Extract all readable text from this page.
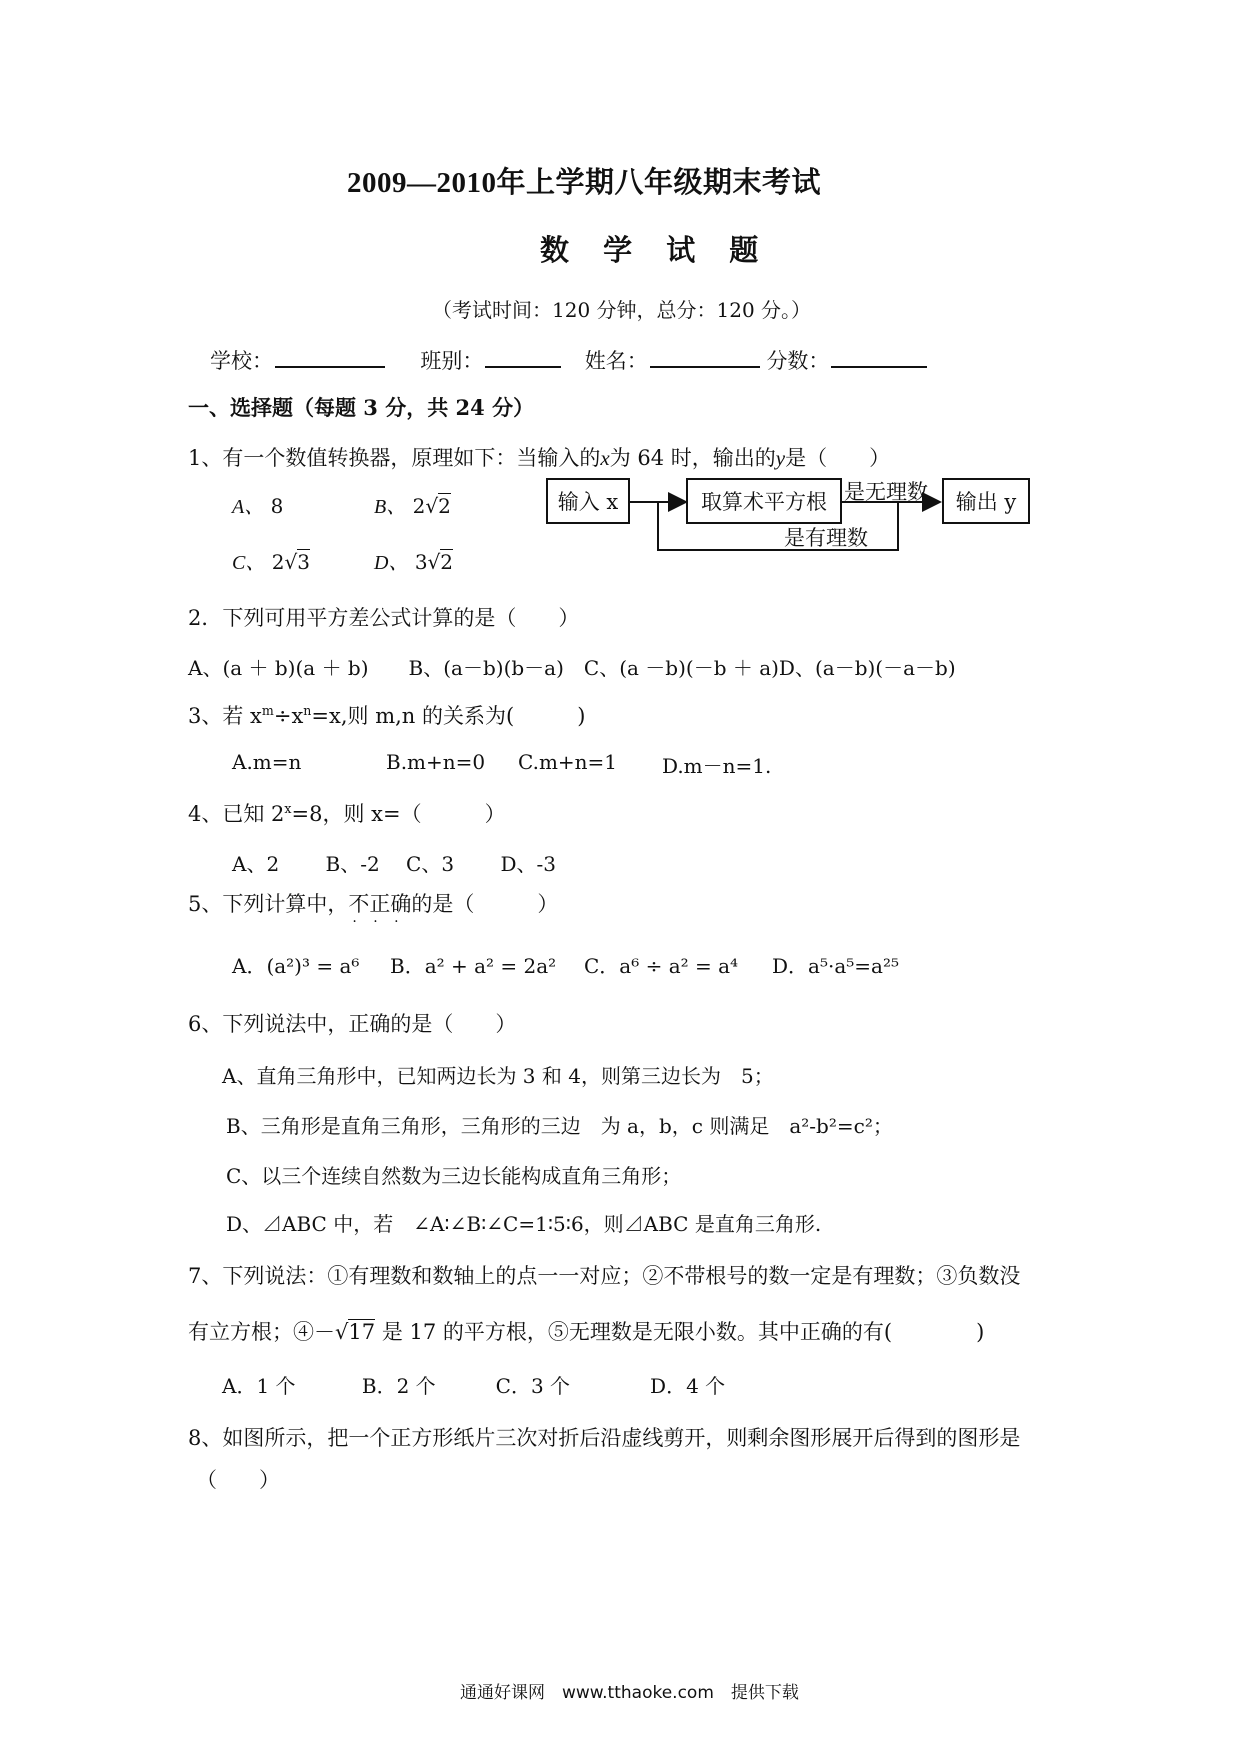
2009—2010年上学期八年级期末考试
数 学 试 题
（考试时间：120 分钟，总分：120 分。）
学校：	班别：	姓名：	分数：
一、选择题（每题 3 分，共 24 分）
1、有一个数值转换器，原理如下：当输入的x为 64 时，输出的y是（　　）
A、 8	B、 2√2
C、 2√3	D、 3√2
输入 x	取算术平方根 是无理数 输出 y
是有理数
2．下列可用平方差公式计算的是（　　）
A、(a ＋ b)(a ＋ b)　　B、(a－b)(b－a)　C、(a －b)(－b ＋ a)D、(a－b)(－a－b)
3、若 $x^m\div x^n=x$,则 m,n 的关系为(　　　)
A.m=n	B.m+n=0 C.m+n=1 D.m－n=1.
4、已知 $2^x=8$，则 x=（　　　）
A、2　　 B、-2　 C、3　　 D、-3
5、下列计算中，不正确
· · ·
的是（　　　）
A．(a²)³ = a⁶ B．a² + a² = 2a² C．a⁶ ÷ a² = a⁴ D．a⁵·a⁵=a²⁵
6、下列说法中，正确的是（　　）
A、直角三角形中，已知两边长为 3 和 4，则第三边长为　5；
B、三角形是直角三角形，三角形的三边　为 a，b，c 则满足　a²-b²=c²；
C、以三个连续自然数为三边长能构成直角三角形；
D、⊿ABC 中，若　∠A∶∠B∶∠C=1∶5∶6，则⊿ABC 是直角三角形.
7、下列说法：①有理数和数轴上的点一一对应；②不带根号的数一定是有理数；③负数没
有立方根；④－√17 是 17 的平方根，⑤无理数是无限小数。其中正确的有(　　　　)
A．1 个　　　 B．2 个　　　C．3 个　　　　D．4 个
8、如图所示，把一个正方形纸片三次对折后沿虚线剪开，则剩余图形展开后得到的图形是
（　　）
通通好课网　www.tthaoke.com　提供下载
